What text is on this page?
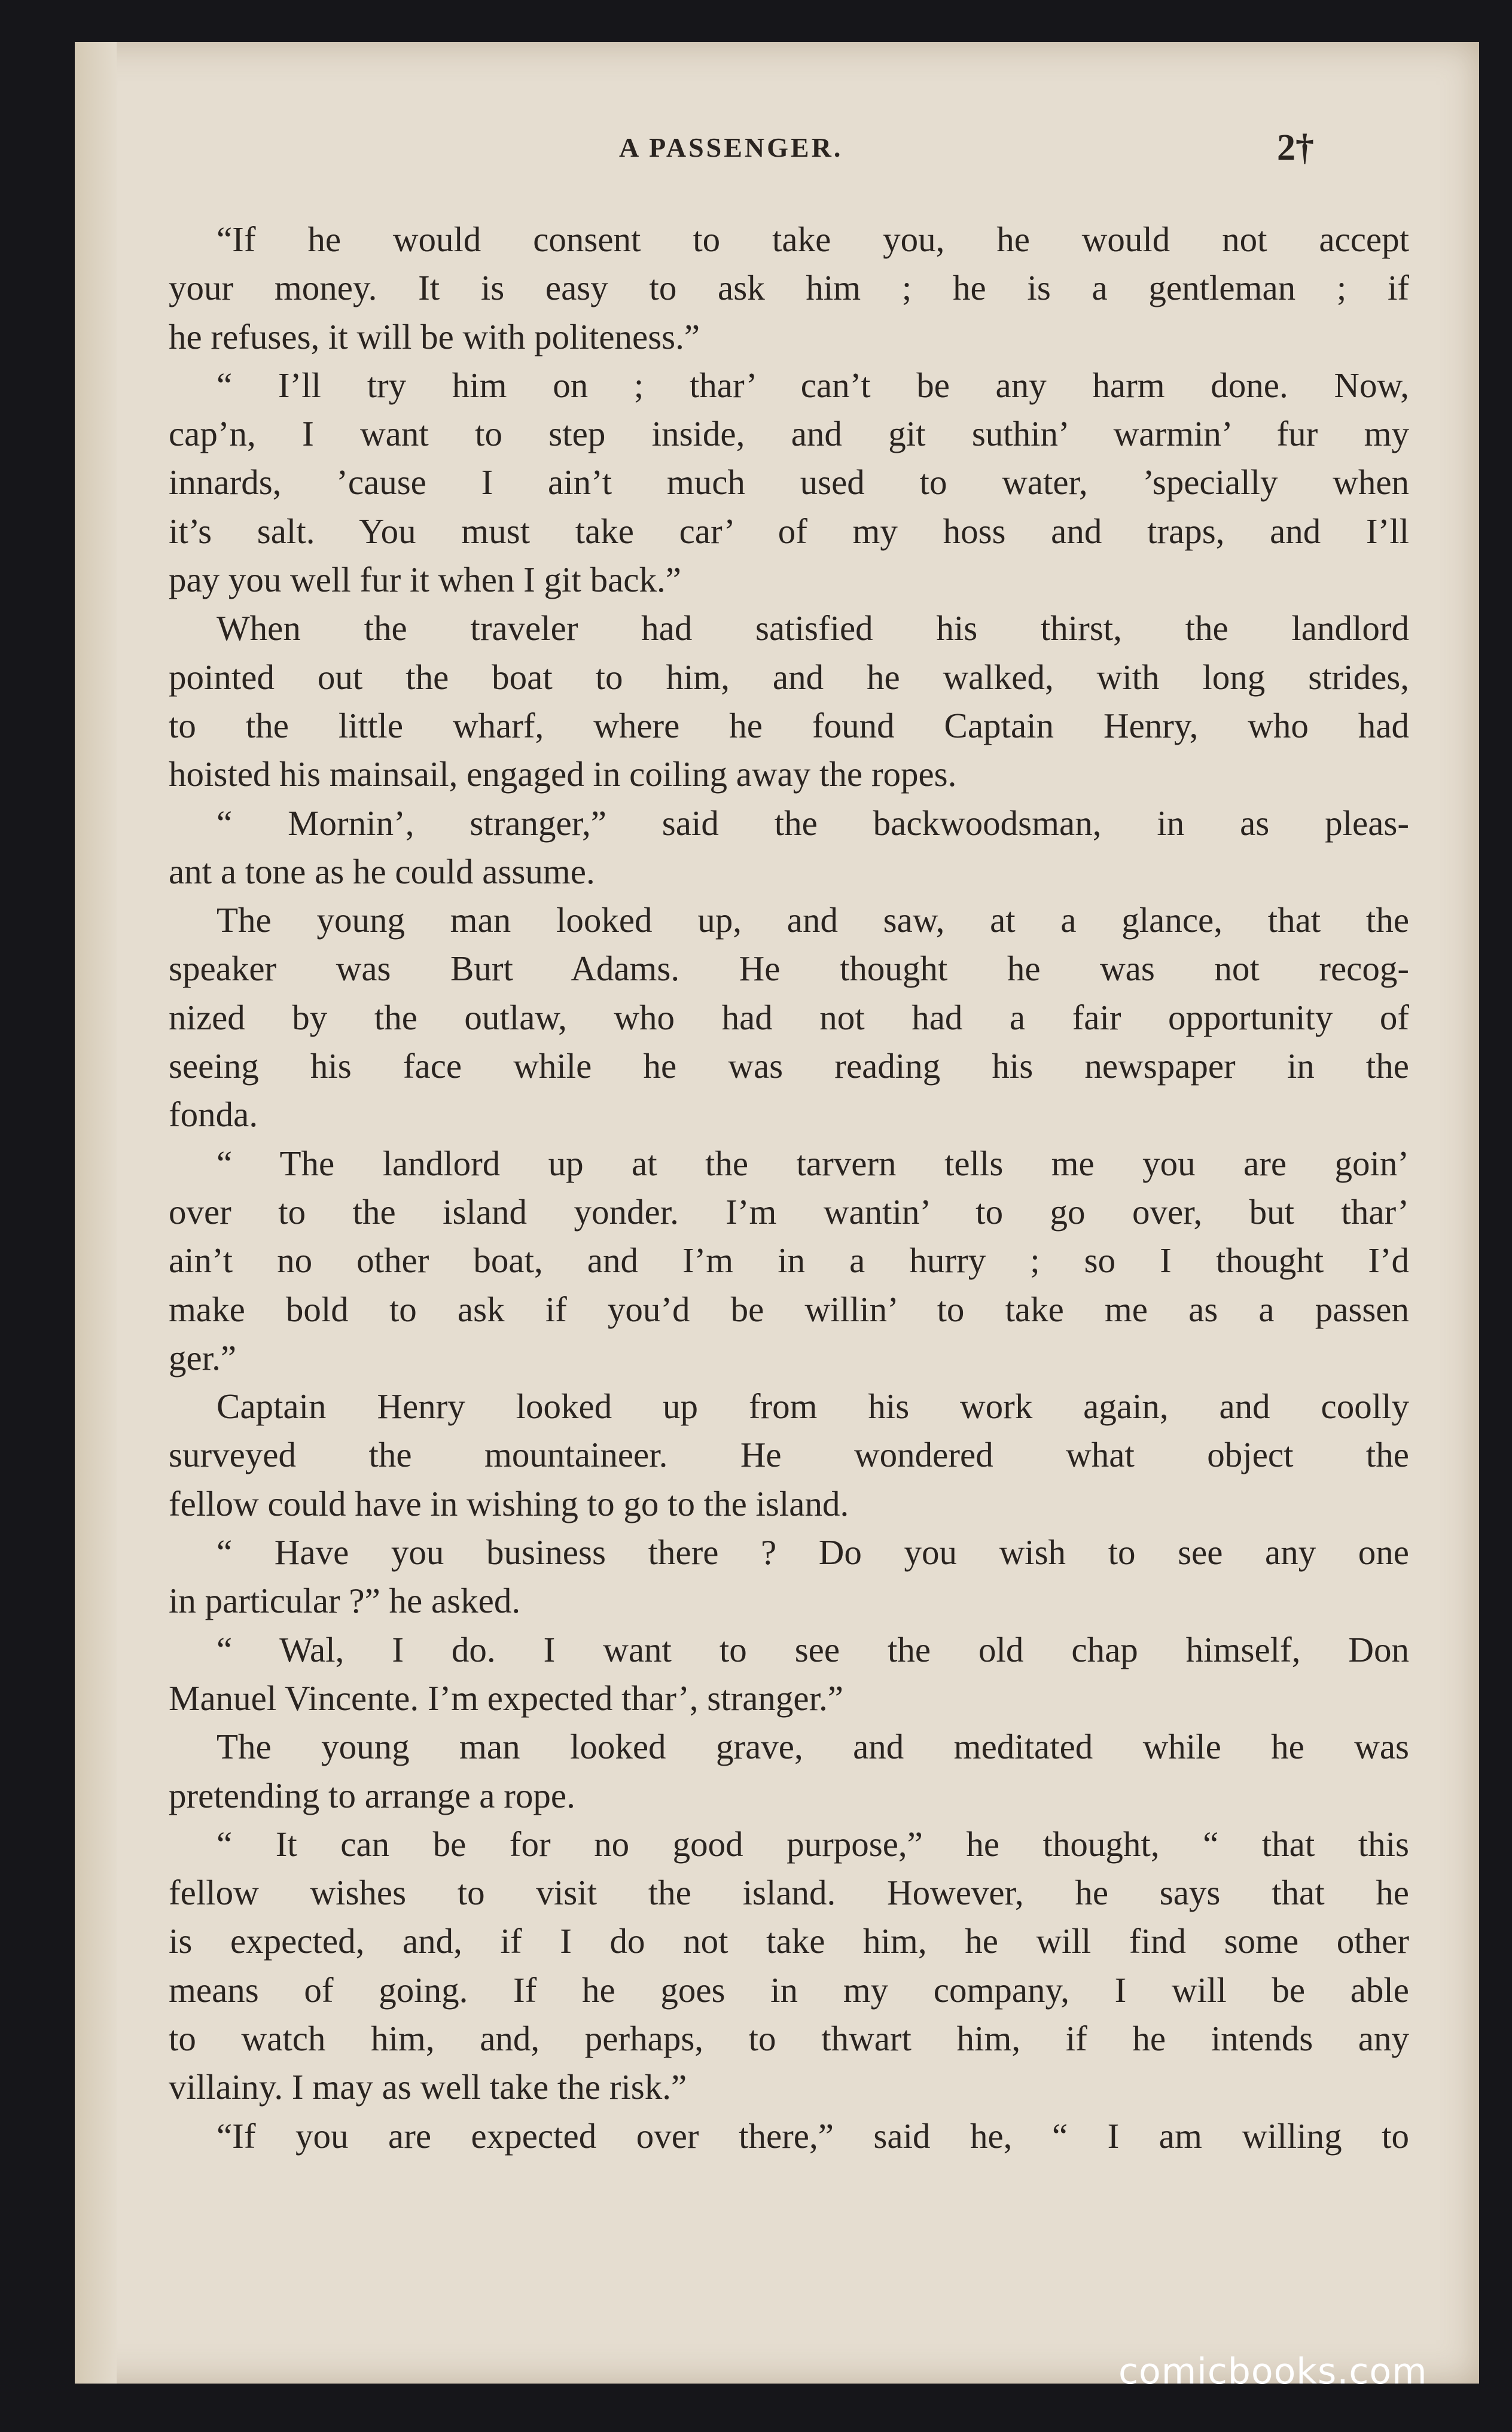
A PASSENGER.	2†
“If he would consent to take you, he would not accept
your money. It is easy to ask him ; he is a gentleman ; if
he refuses, it will be with politeness.”
“ I’ll try him on ; thar’ can’t be any harm done. Now,
cap’n, I want to step inside, and git suthin’ warmin’ fur my
innards, ’cause I ain’t much used to water, ’specially when
it’s salt. You must take car’ of my hoss and traps, and I’ll
pay you well fur it when I git back.”
When the traveler had satisfied his thirst, the landlord
pointed out the boat to him, and he walked, with long strides,
to the little wharf, where he found Captain Henry, who had
hoisted his mainsail, engaged in coiling away the ropes.
“ Mornin’, stranger,” said the backwoodsman, in as pleas-
ant a tone as he could assume.
The young man looked up, and saw, at a glance, that the
speaker was Burt Adams. He thought he was not recog-
nized by the outlaw, who had not had a fair opportunity of
seeing his face while he was reading his newspaper in the
fonda.
“ The landlord up at the tarvern tells me you are goin’
over to the island yonder. I’m wantin’ to go over, but thar’
ain’t no other boat, and I’m in a hurry ; so I thought I’d
make bold to ask if you’d be willin’ to take me as a passen
ger.”
Captain Henry looked up from his work again, and coolly
surveyed the mountaineer. He wondered what object the
fellow could have in wishing to go to the island.
“ Have you business there ? Do you wish to see any one
in particular ?” he asked.
“ Wal, I do. I want to see the old chap himself, Don
Manuel Vincente. I’m expected thar’, stranger.”
The young man looked grave, and meditated while he was
pretending to arrange a rope.
“ It can be for no good purpose,” he thought, “ that this
fellow wishes to visit the island. However, he says that he
is expected, and, if I do not take him, he will find some other
means of going. If he goes in my company, I will be able
to watch him, and, perhaps, to thwart him, if he intends any
villainy. I may as well take the risk.”
“If you are expected over there,” said he, “ I am willing to
comicbooks.com
